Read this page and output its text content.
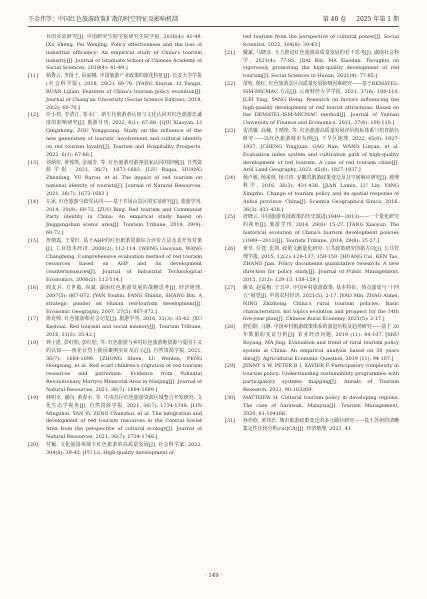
王金伟等：中国红色旅游政策扩散的时空特征及影响机制	第 40 卷 2025 年第 1 期
业的实证研究[J]. 中国研究生院学报研究生院学报, 2018(4): 41-49. [Xu Sheng, Pei Wenjing. Policy effectiveness and the loss of industrial efficiency: An empirical study of China's tourism industry[J]. Journal of Graduate School of Chinese Academy of Social Sciences, 2018(4): 41-49.]
[11]	杨秀云, 李扬子, 阮丽娜. 中国旅游产业政策的演化特征[J]. 长安大学学报(社会科学版), 2018, 20(2): 60-70. [YANG Xiuyun, LI Yangzi, RUAN Lijuan. Features of China's tourism policy evolution[J]. Journal of Chang'an University (Social Science Edition), 2018, 20(2): 60-70.]
[12]	任小鸡, 李清江, 邹永广. 新生代旅游者认知与文化认同对红色旅游忠诚度的影响研究[J]. 旅游导刊, 2022, 6(1): 67-88. [QIU Xiaoyan, LI Qingzhong, ZOU Yongguang. Study on the influence of the new generation of tourists' involvement and cultural identity on red tourism loyalty[J]. Tourism and Hospitality Prospects, 2022, 6(1): 67-88.]
[13]	刘炳佳, 黄蓉凯, 金丽芳, 等. 红色旅游对游客国家认同的影响[J]. 自然资源学报, 2021, 36(7): 1673-1683. [LIU Ruqia, HUANG Zhenfang, YU Rurou, et al. The impact of red tourism on national identity of tourists[J]. Journal of Natural Resources, 2021, 36(7): 1673-1683.]
[14]	左冰. 红色旅游与政党认同——基于井冈山景区的实证研究[J]. 旅游学刊, 2014, 29(9): 60-72. [ZUO Bing. Red tourism and Communist Party identity in China: An empirical study based on Jinggangshan scenic area[J]. Tourism Tribune, 2014, 29(9): 60-72.]
[15]	詹朝霞, 王常红. 基于AHP的红色旅游资源综合评价方法及其开发对策[J]. 工业技术经济, 2006(2): 112-114. [WENG Gaoyuan, WANG Changhong. Comprehensive evaluation method of red tourism resources based on AHP and its development countermeasures[J]. Journal of Industrial Technological Economics, 2006(2): 112-114.]
[16]	阎友兵, 方世敏, 向斌. 湖南红色旅游发展的战略思考[J]. 经济地理, 2007(5): 867-872. [YAN Youbin, FANG Shimin, SHANG Bin. A strategic ponder on Hunan red-tourism development[J]. Economic Geography, 2007, 27(5): 867-872.]
[17]	徐克帅. 红色旅游和社会记忆[J]. 旅游学刊, 2016, 31(3): 35-42. [XU Keshuai. Red tourism and social memory[J]. Tourism Tribune, 2016, 31(3): 35-42.]
[18]	钟士恩, 彭红明, 彭红松, 等. 红色旅游与乡村红色旅游地资源与爱国主义的认知——雨花台烈士陵园案例实证及启示[J]. 自然资源学报, 2021, 36(7): 1684-1699. [ZHONG Shien, LU Wenbin, PENG Hongsong, et al. Red scarf children's cognition of red tourism resources and patriotism: Evidence from Yuhuatai Revolutionary Martyrs Memorial Area in Nanjing[J]. Journal of Natural Resources, 2021, 36(7): 1684-1699.]
[19]	林明水, 谢向, 黄春水, 等. 中央苏区红色旅游资源区域整合开发研究: 文化生态学视角[J]. 自然资源学报, 2021, 36(7): 1734-1748. [LIN Mingshui, YAN Yi, ZENG Chunshui, et al. The integration and development of red tourism resources in the Central Soviet Area from the perspective of cultural ecology[J]. Journal of Natural Resources, 2021, 36(7): 1734-1748.]
[20]	付颖. 文化强国视域下红色旅游的高质量发展[J]. 社会科学家, 2022, 304(8): 39-43. [FU Lu. High-quality development of
red tourism from the perspective of cultural power[J]. Social Scientist, 2022, 304(8): 39-43.]
[21]	戴斌, 马晓彦. 大力推进红色旅游高质量发展的若干思考[J]. 湖南社会科学, 2021(4): 77-85. [DAI Bin, MA Xiaodan. Thoughts on vigorously promoting the high-quality development of red tourism[J]. Social Sciences in Hunan, 2021(4): 77-85.]
[22]	苗哈, 杨红. 红色旅游景区高质量发展影响因素研究——基于DEMATEL-ISM-MICMAC 方法[J]. 云南财经大学学报, 2021, 37(6): 100-110. [LEI Ying, YANG Hong. Research on factors influencing the high-quality development of red tourist attractions: Based on the DEMATEL-ISM-MICMAC method[J]. Journal of Yunnan University of Finance and Economics, 2021, 37(6): 100-110.]
[23]	雷洪娥, 高楠, 王晴艳, 等. 红色旅游高质量发展评价指标体系与培育路径研究——以红色旅游城市为例[J]. 干旱区地理, 2022, 45(6): 1927-1937. [CHENG Yingjuan, GAO Nan, WANG Linyan, et al. Evaluation index system and cultivation path of high-quality development of red tourism: A case of red tourism cities[J]. Arid Land Geography, 2022, 45(6): 1927-1937.]
[24]	杨卢敏, 杨来林, 杨兴田. 安徽省旅游政策变迁及其空间响应研究[J]. 地理科学, 2016, 36(3): 431-438. [JIAN Lamin, LU Lin, YANG Xingzhu. Change of tourism policy and its spatial response of Anhui province, China[J]. Scientia Geographica Sinica, 2016, 36(3): 431-438.]
[25]	唐晓云. 中国旅游发展政策的历史演进(1949—2013)——一个量化研究的视角[J]. 旅游学刊, 2014, 29(8): 15-27. [TANG Xiaoyun. The historical evolution of China's tourism development policies (1949—2013)[J]. Tourism Tribune, 2014, 29(8): 15-27.]
[26]	黄萃, 任弢, 张剑. 政策文献量化研究: 公共政策研究的新方向[J]. 公共管理学报, 2015, 12(2): 129-137, 158-159. [HUANG Cui, REN Tao, ZHANG Jian. Policy documents quantitative research: A new direction for policy study[J]. Journal of Public Management, 2015, 12(2): 129-13, 158-159.]
[27]	姚旻, 赵爱梅, 宁志中. 中国乡村旅游政策: 基本特征、热点演变与“十四五”展望[J]. 中国农村经济, 2021(5): 2-17. [YAO Min, ZHAO Aimei, NING Zhizhong. China's rural tourism policies: Basic characteristics, hot topics evolution and prospect for the 14th five-year plan[J]. Chinese Rural Economy, 2021(5): 2-17.]
[28]	舒伯阳, 马静. 中国乡村旅游政策体系的演进历程及趋势研究——基于 30 年数据的实证分析[J]. 农业经济问题, 2019 (11): 94-107. [SHU Boyang, MA Jing. Evaluation and trend of rural tourism policy system in China: An empirical analysis based on 30 years data[J]. Agricultural Economic Question, 2019 (11): 94-107.]
[29]	JENNY S W, PETER B I, XAVIER F. Participatory complexity in tourism policy: Understanding sustainability programmes with participatory systems mapping[J]. Annals of Tourism Research, 2021, 90:103269.
[30]	MATTHEW H. Cultural tourism policy in developing regions: The case of Sarawak, Malaysia[J]. Tourism Management, 2020, 81:104166.
[31]	孙佳欣, 黄伟忠. 城市旅游政策变迁的多元路径研究——基于苏州的清晰集定性比较分析(csQCA)[J]. 经济地理, 2021, 41
· 149 ·
